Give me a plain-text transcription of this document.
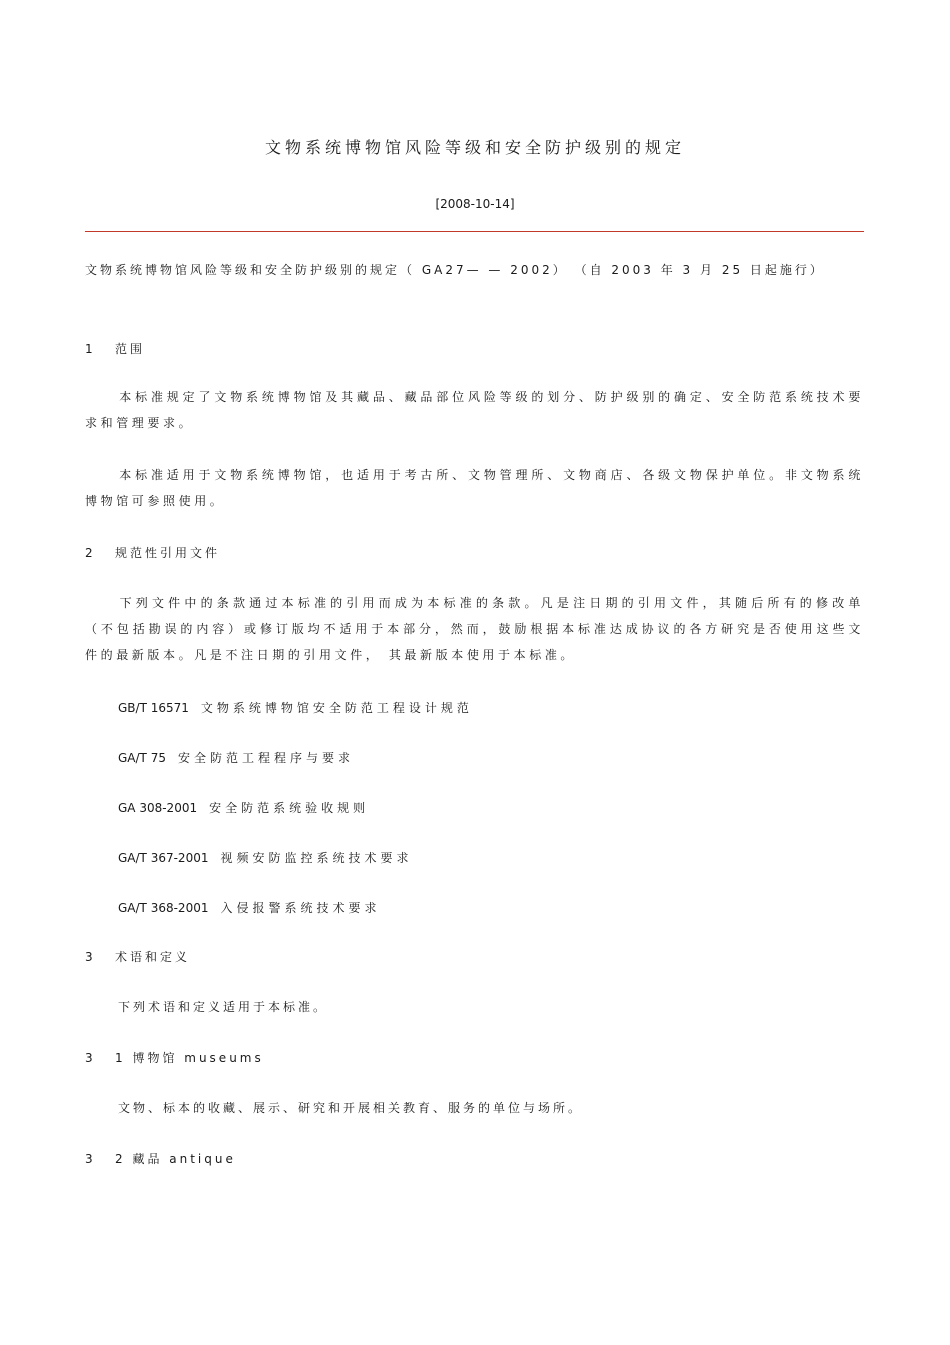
文物系统博物馆风险等级和安全防护级别的规定
[2008-10-14]
文物系统博物馆风险等级和安全防护级别的规定（ GA27— — 2002） （自 2003 年 3 月 25 日起施行）
1 范围
本标准规定了文物系统博物馆及其藏品、藏品部位风险等级的划分、防护级别的确定、安全防范系统技术要求和管理要求。
本标准适用于文物系统博物馆，也适用于考古所、文物管理所、文物商店、各级文物保护单位。非文物系统博物馆可参照使用。
2 规范性引用文件
下列文件中的条款通过本标准的引用而成为本标准的条款。凡是注日期的引用文件，其随后所有的修改单（不包括勘误的内容）或修订版均不适用于本部分，然而，鼓励根据本标准达成协议的各方研究是否使用这些文件的最新版本。凡是不注日期的引用文件， 其最新版本使用于本标准。
GB/T 16571 文物系统博物馆安全防范工程设计规范
GA/T 75 安全防范工程程序与要求
GA 308-2001 安全防范系统验收规则
GA/T 367-2001 视频安防监控系统技术要求
GA/T 368-2001 入侵报警系统技术要求
3 术语和定义
下列术语和定义适用于本标准。
3 1 博物馆 museums
文物、标本的收藏、展示、研究和开展相关教育、服务的单位与场所。
3 2 藏品 antique
